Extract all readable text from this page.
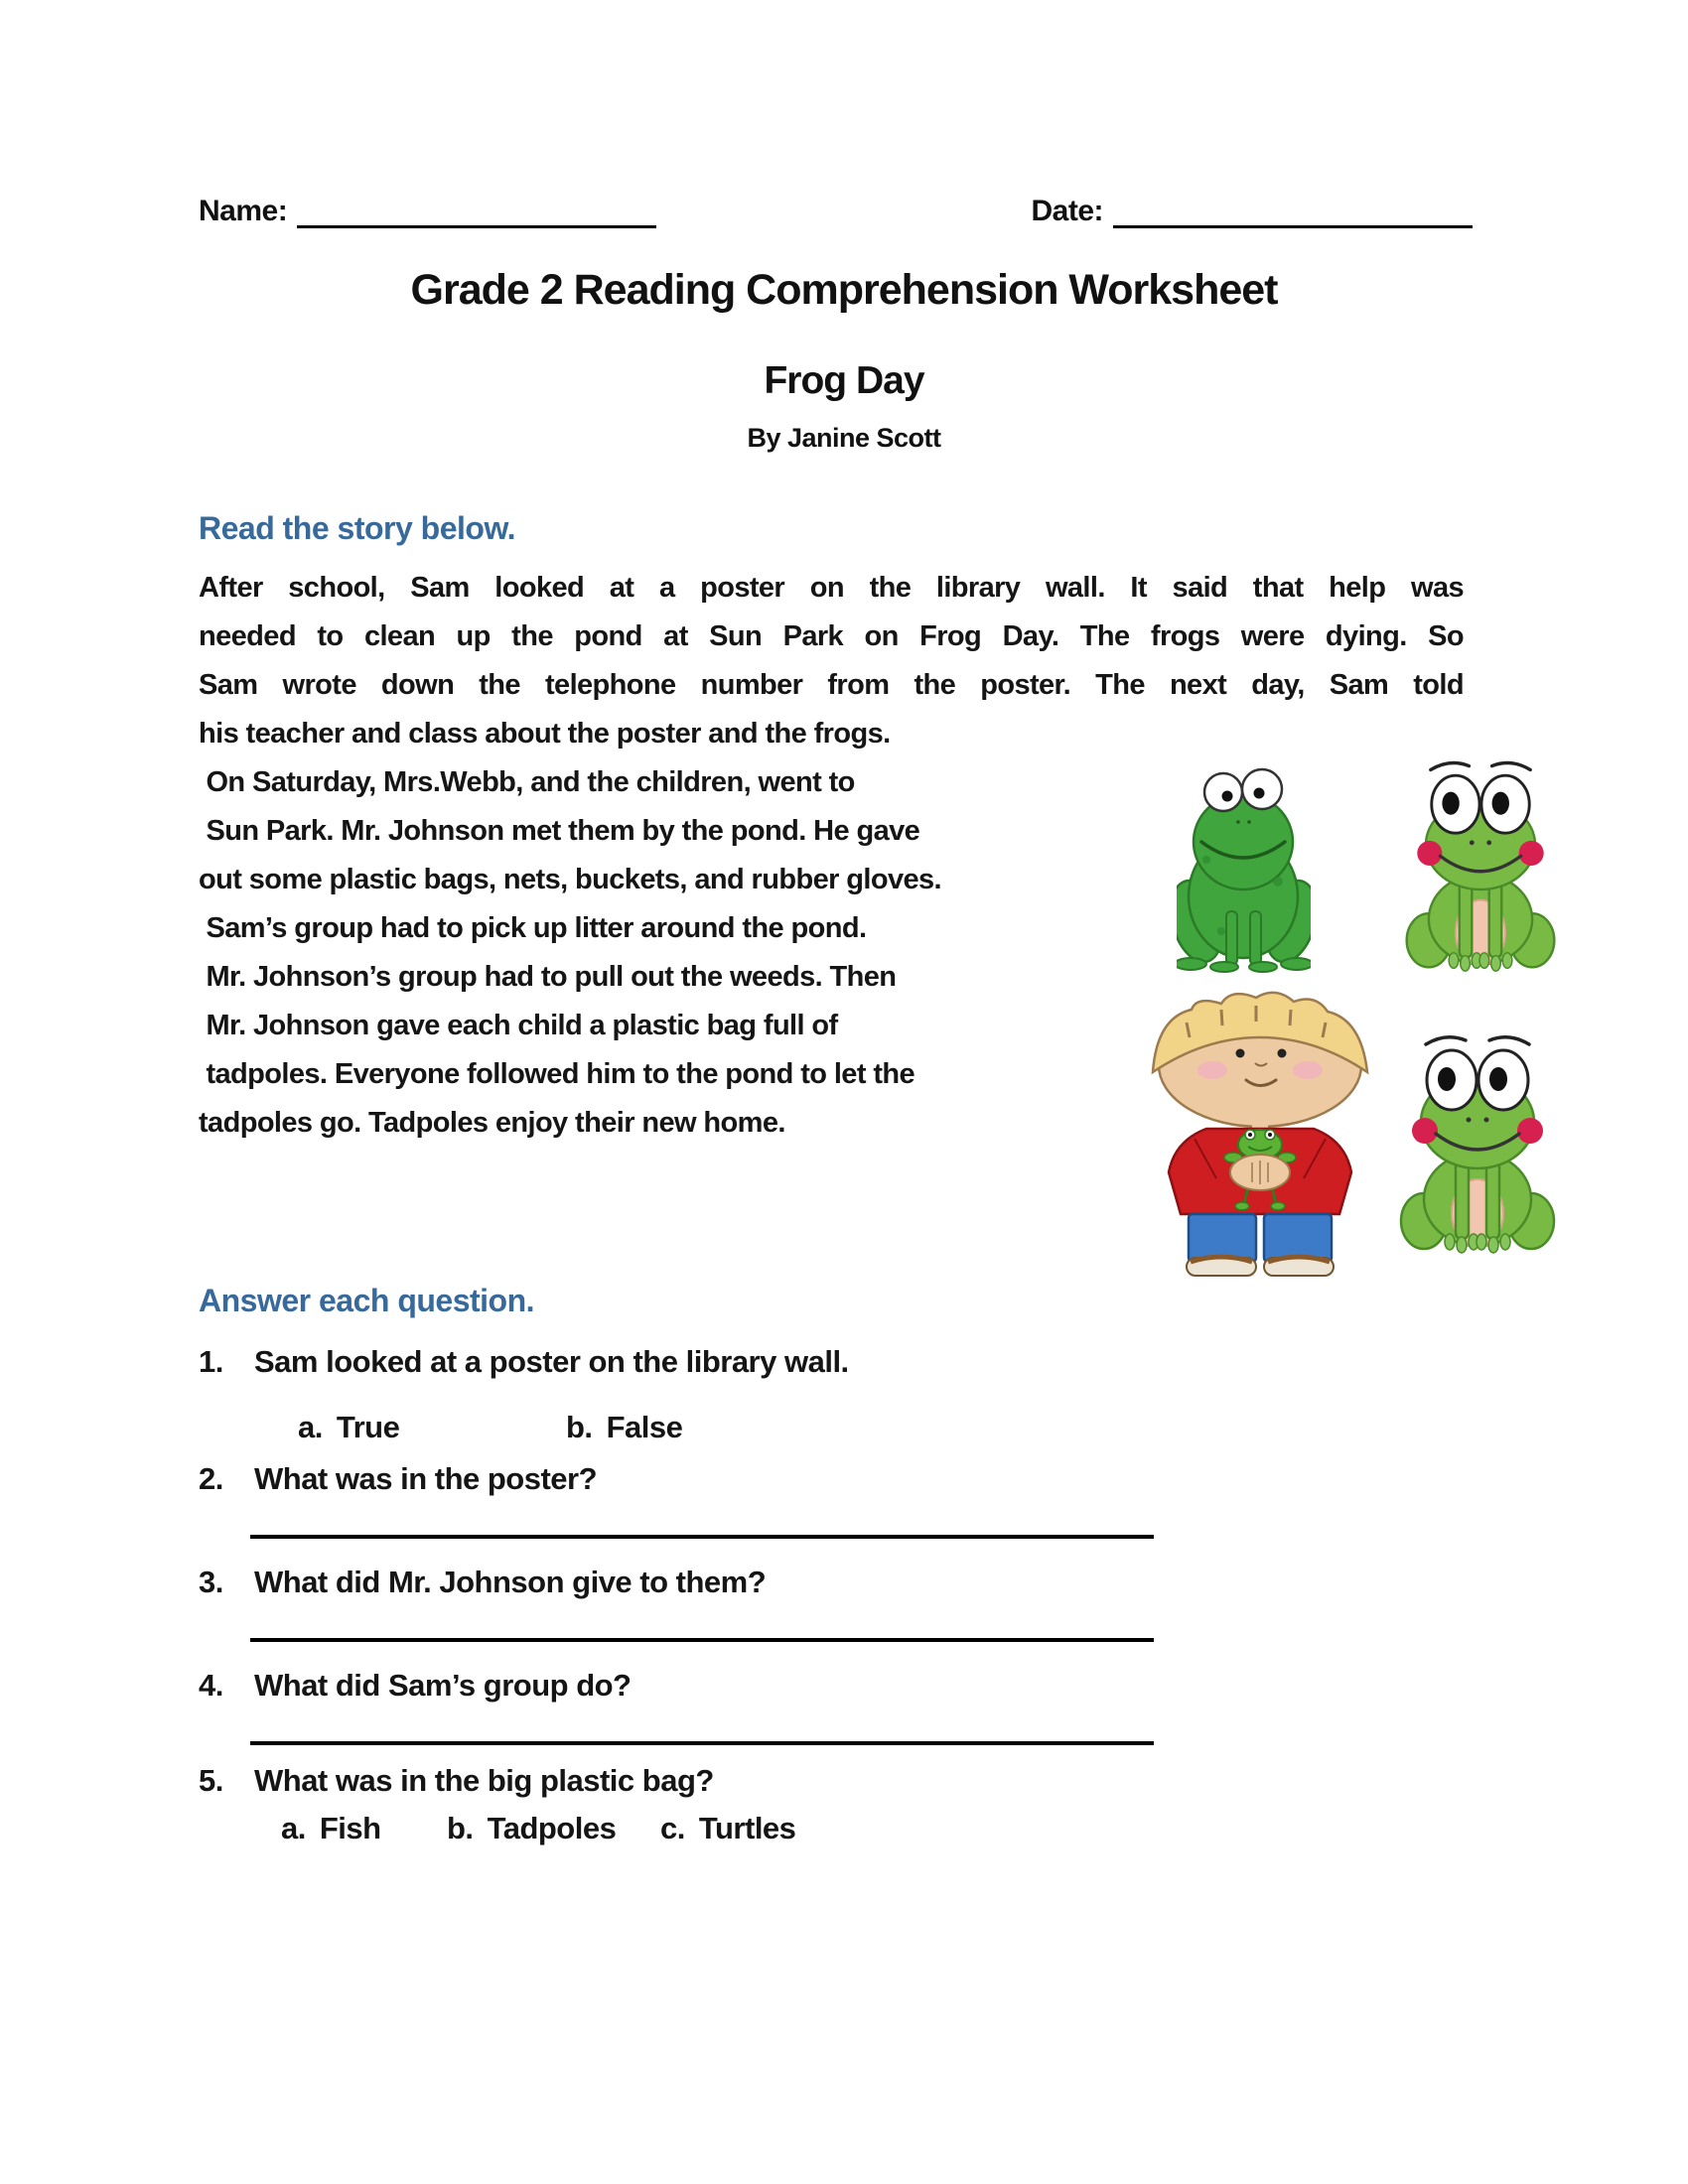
Name:	Date:
Grade 2 Reading Comprehension Worksheet
Frog Day
By Janine Scott
Read the story below.
After school, Sam looked at a poster on the library wall. It said that help was
needed to clean up the pond at Sun Park on Frog Day. The frogs were dying. So
Sam wrote down the telephone number from the poster. The next day, Sam told
his teacher and class about the poster and the frogs.
On Saturday, Mrs.Webb, and the children, went to
Sun Park. Mr. Johnson met them by the pond. He gave
out some plastic bags, nets, buckets, and rubber gloves.
Sam’s group had to pick up litter around the pond.
Mr. Johnson’s group had to pull out the weeds. Then
Mr. Johnson gave each child a plastic bag full of
tadpoles. Everyone followed him to the pond to let the
tadpoles go. Tadpoles enjoy their new home.
Answer each question.
1.	Sam looked at a poster on the library wall.
a. True	b. False
2.	What was in the poster?
3.	What did Mr. Johnson give to them?
4.	What did Sam’s group do?
5.	What was in the big plastic bag?
a. Fish b. Tadpoles c. Turtles
